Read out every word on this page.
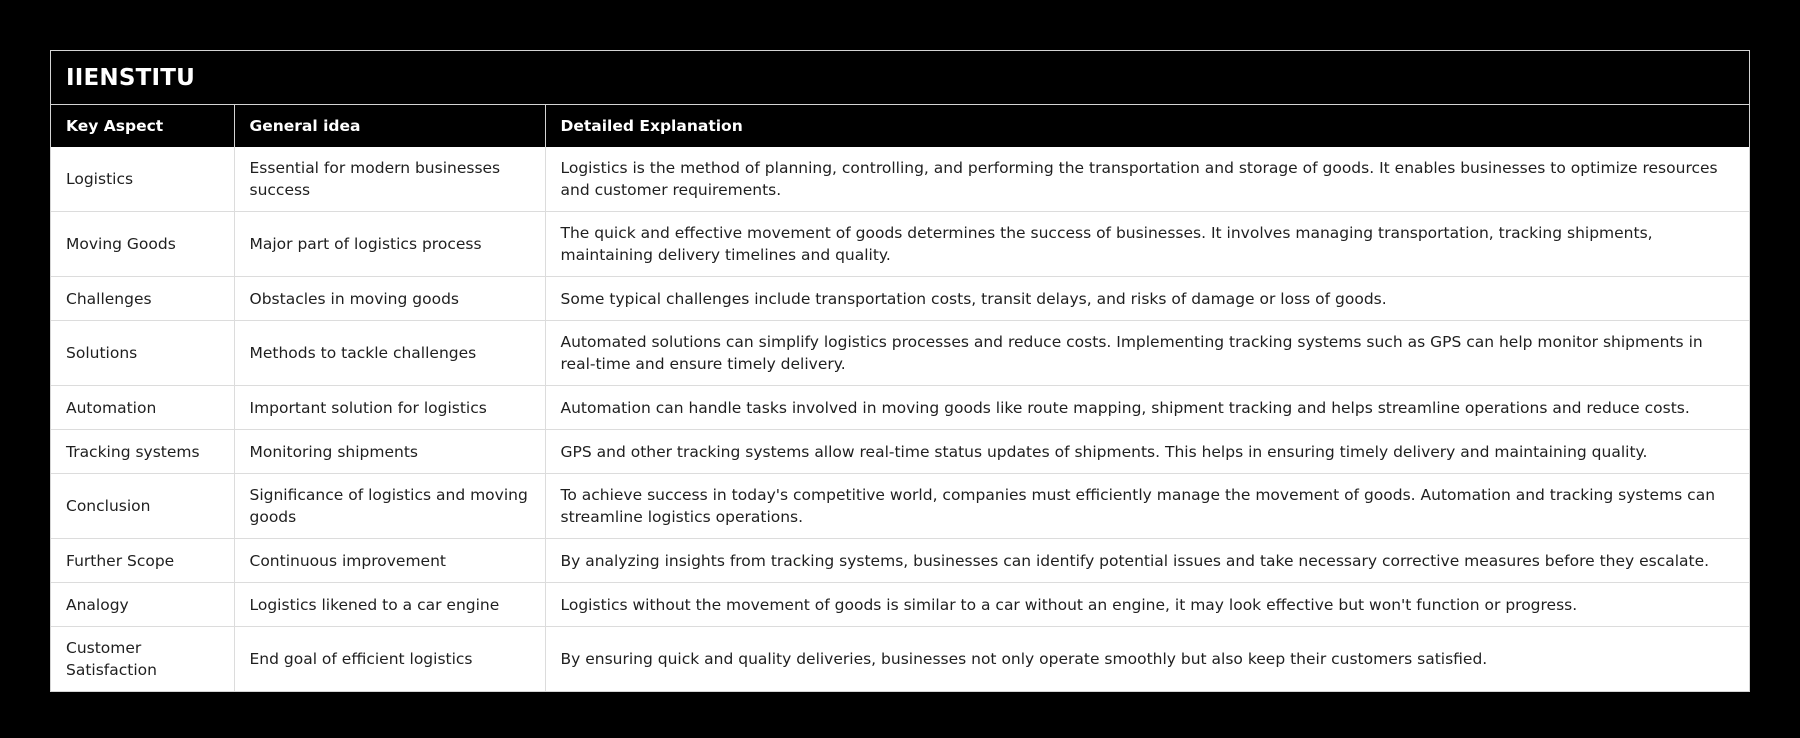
IIENSTITU		
Key Aspect	General idea	Detailed Explanation
Logistics	Essential for modern businesses success	Logistics is the method of planning, controlling, and performing the transportation and storage of goods. It enables businesses to optimize resources and customer requirements.
Moving Goods	Major part of logistics process	The quick and effective movement of goods determines the success of businesses. It involves managing transportation, tracking shipments, maintaining delivery timelines and quality.
Challenges	Obstacles in moving goods	Some typical challenges include transportation costs, transit delays, and risks of damage or loss of goods.
Solutions	Methods to tackle challenges	Automated solutions can simplify logistics processes and reduce costs. Implementing tracking systems such as GPS can help monitor shipments in real-time and ensure timely delivery.
Automation	Important solution for logistics	Automation can handle tasks involved in moving goods like route mapping, shipment tracking and helps streamline operations and reduce costs.
Tracking systems	Monitoring shipments	GPS and other tracking systems allow real-time status updates of shipments. This helps in ensuring timely delivery and maintaining quality.
Conclusion	Significance of logistics and moving goods	To achieve success in today's competitive world, companies must efficiently manage the movement of goods. Automation and tracking systems can streamline logistics operations.
Further Scope	Continuous improvement	By analyzing insights from tracking systems, businesses can identify potential issues and take necessary corrective measures before they escalate.
Analogy	Logistics likened to a car engine	Logistics without the movement of goods is similar to a car without an engine, it may look effective but won't function or progress.
Customer Satisfaction	End goal of efficient logistics	By ensuring quick and quality deliveries, businesses not only operate smoothly but also keep their customers satisfied.
